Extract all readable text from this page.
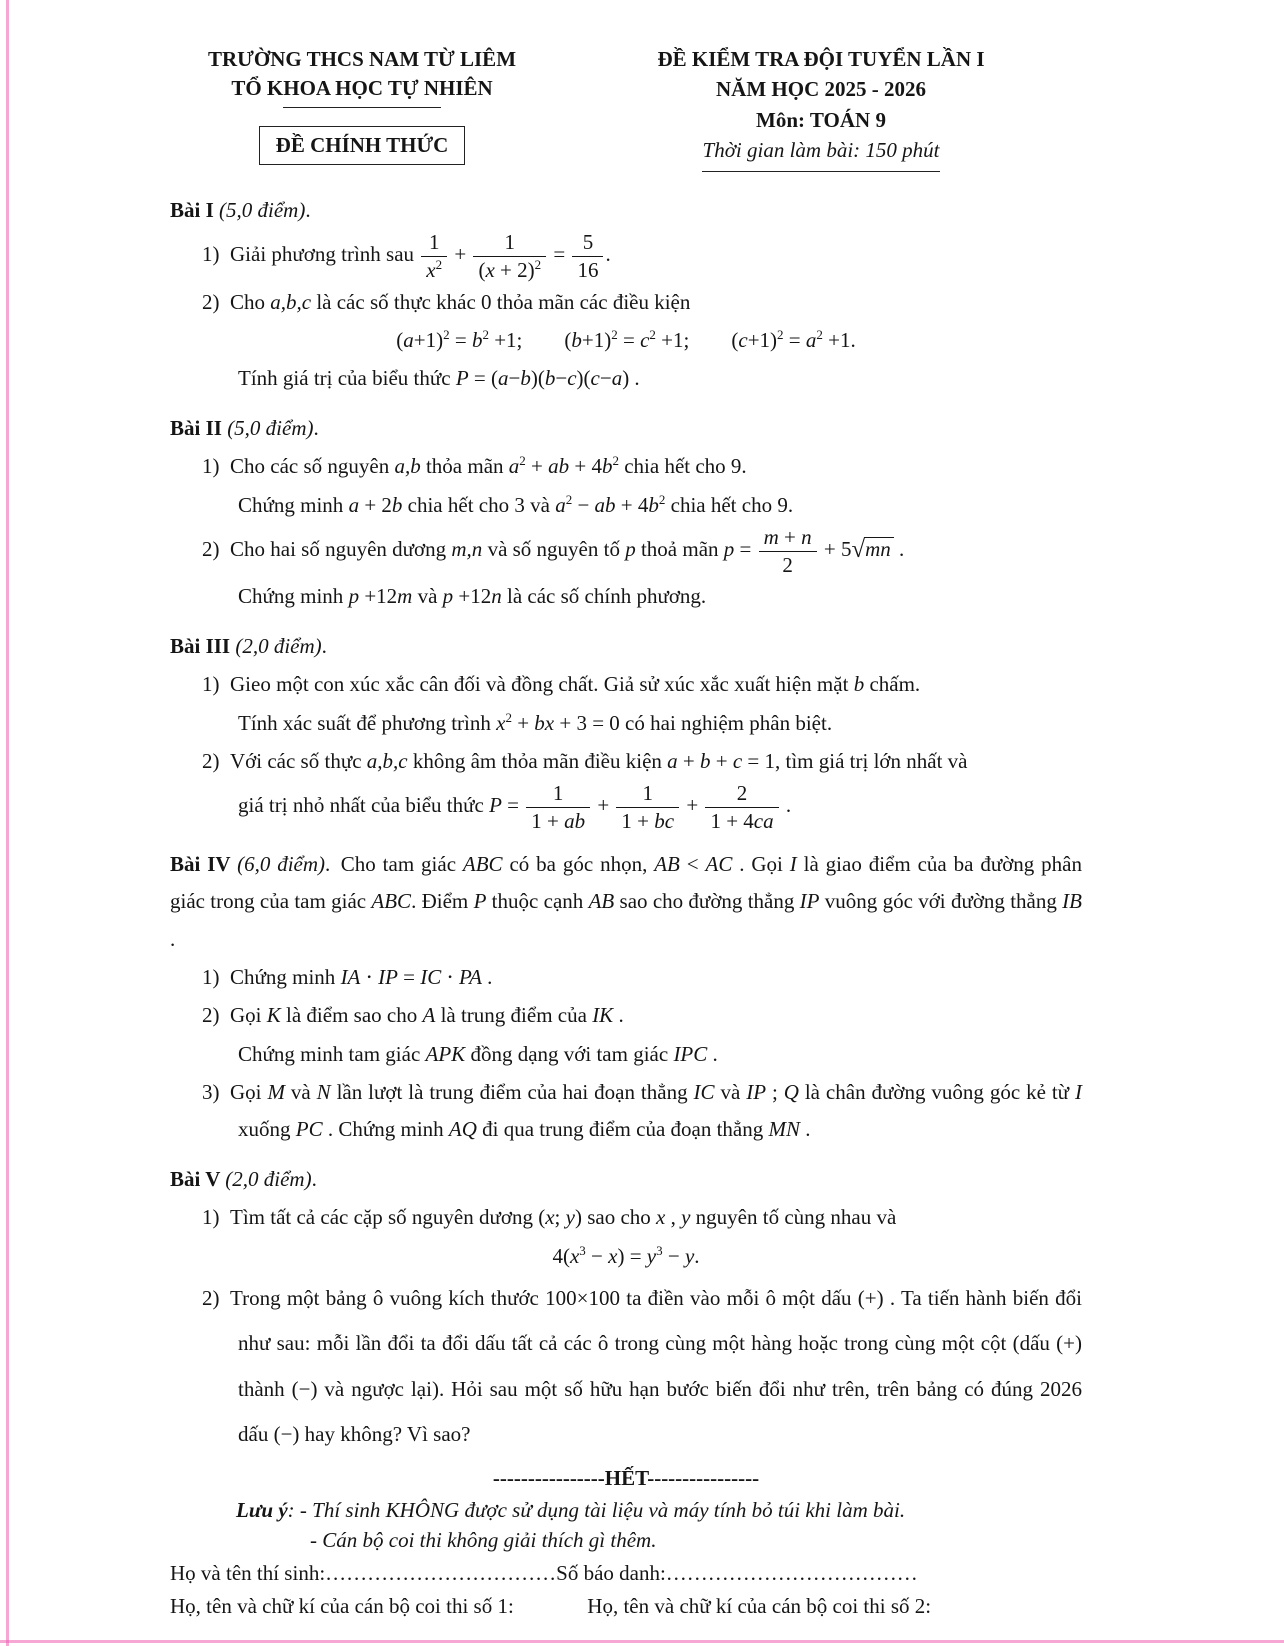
TRƯỜNG THCS NAM TỪ LIÊM
TỔ KHOA HỌC TỰ NHIÊN
ĐỀ CHÍNH THỨC
ĐỀ KIỂM TRA ĐỘI TUYỂN LẦN I
NĂM HỌC 2025 - 2026
Môn: TOÁN 9
Thời gian làm bài: 150 phút
Bài I (5,0 điểm).
1) Giải phương trình sau $\frac{1}{x^2} + \frac{1}{(x + 2)^2} = \frac{5}{16}$ .
2) Cho a,b,c là các số thực khác 0 thỏa mãn các điều kiện
$(a+1)^2 = b^2 +1$;   $(b+1)^2 = c^2 +1$;   $(c+1)^2 = a^2 +1$.
Tính giá trị của biểu thức P = (a−b)(b−c)(c−a) .
Bài II (5,0 điểm).
1) Cho các số nguyên a,b thỏa mãn $a^2$ + ab + $4b^2$ chia hết cho 9.
Chứng minh a + 2b chia hết cho 3 và $a^2$ − ab + $4b^2$ chia hết cho 9.
2) Cho hai số nguyên dương m,n và số nguyên tố p thoả mãn $p = \frac{m + n}{2} + 5√mn$ .
Chứng minh p +12m và p +12n là các số chính phương.
Bài III (2,0 điểm).
1) Gieo một con xúc xắc cân đối và đồng chất. Giả sử xúc xắc xuất hiện mặt b chấm.
Tính xác suất để phương trình $x^2$ + bx + 3 = 0 có hai nghiệm phân biệt.
2) Với các số thực a,b,c không âm thỏa mãn điều kiện a + b + c = 1, tìm giá trị lớn nhất và
giá trị nhỏ nhất của biểu thức $P = \frac{1}{1 + ab} + \frac{1}{1 + bc} + \frac{2}{1 + 4ca}$ .
Bài IV (6,0 điểm). Cho tam giác ABC có ba góc nhọn, AB < AC . Gọi I là giao điểm của ba đường phân giác trong của tam giác ABC. Điểm P thuộc cạnh AB sao cho đường thẳng IP vuông góc với đường thẳng IB .
1) Chứng minh IA ⋅ IP = IC ⋅ PA .
2) Gọi K là điểm sao cho A là trung điểm của IK .
Chứng minh tam giác APK đồng dạng với tam giác IPC .
3) Gọi M và N lần lượt là trung điểm của hai đoạn thẳng IC và IP ; Q là chân đường vuông góc kẻ từ I xuống PC . Chứng minh AQ đi qua trung điểm của đoạn thẳng MN .
Bài V (2,0 điểm).
1) Tìm tất cả các cặp số nguyên dương (x; y) sao cho x , y nguyên tố cùng nhau và
$4(x^3 - x) = y^3 - y$.
2) Trong một bảng ô vuông kích thước 100×100 ta điền vào mỗi ô một dấu (+) . Ta tiến hành biến đổi như sau: mỗi lần đổi ta đổi dấu tất cả các ô trong cùng một hàng hoặc trong cùng một cột (dấu (+) thành (−) và ngược lại). Hỏi sau một số hữu hạn bước biến đổi như trên, trên bảng có đúng 2026 dấu (−) hay không? Vì sao?
----------------HẾT----------------
Lưu ý: - Thí sinh KHÔNG được sử dụng tài liệu và máy tính bỏ túi khi làm bài.
- Cán bộ coi thi không giải thích gì thêm.
Họ và tên thí sinh:……………………………Số báo danh:………………………………
Họ, tên và chữ kí của cán bộ coi thi số 1:    	Họ, tên và chữ kí của cán bộ coi thi số 2:
